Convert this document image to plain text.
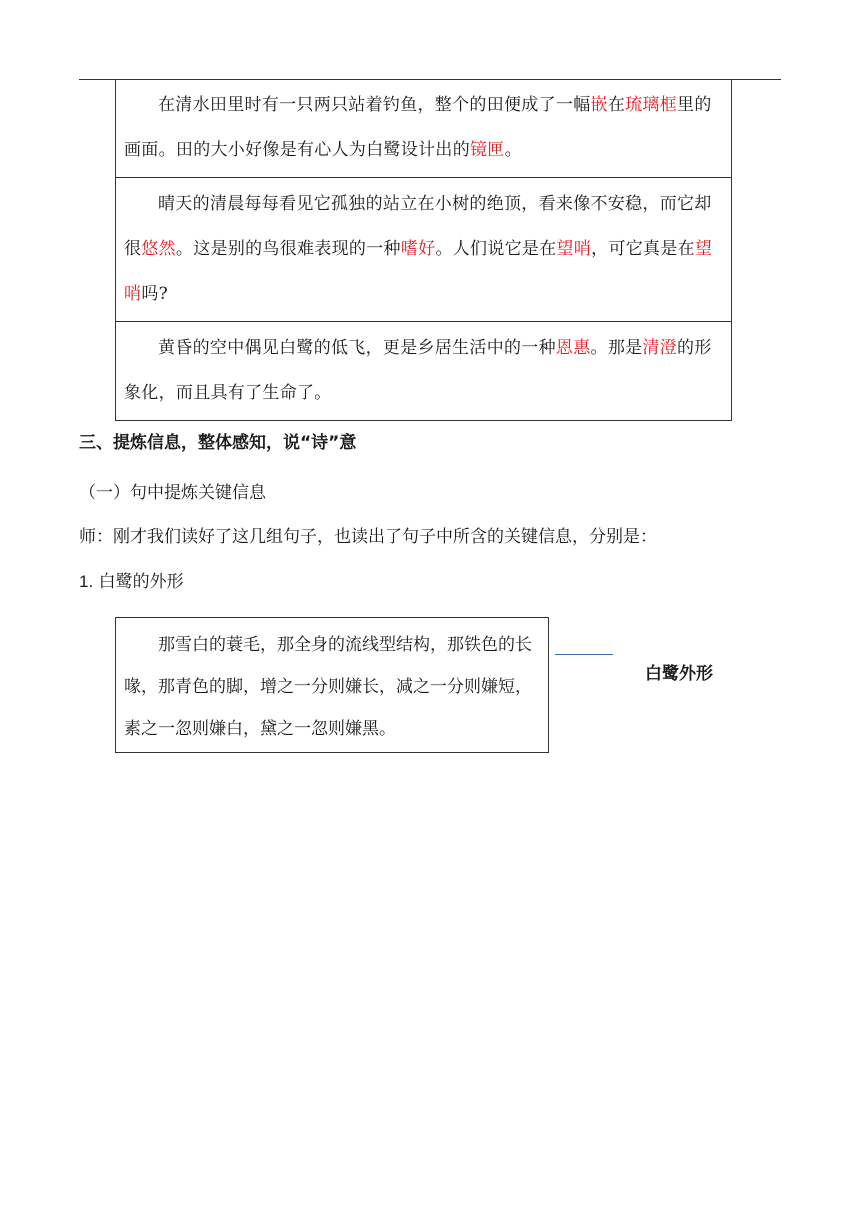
在清水田里时有一只两只站着钓鱼，整个的田便成了一幅嵌在琉璃框里的画面。田的大小好像是有心人为白鹭设计出的镜匣。
晴天的清晨每每看见它孤独的站立在小树的绝顶，看来像不安稳，而它却很悠然。这是别的鸟很难表现的一种嗜好。人们说它是在望哨，可它真是在望哨吗?
黄昏的空中偶见白鹭的低飞，更是乡居生活中的一种恩惠。那是清澄的形象化，而且具有了生命了。
三、提炼信息，整体感知，说“诗”意
（一）句中提炼关键信息
师：刚才我们读好了这几组句子，也读出了句子中所含的关键信息，分别是：
1. 白鹭的外形
那雪白的蓑毛，那全身的流线型结构，那铁色的长喙，那青色的脚，增之一分则嫌长，减之一分则嫌短，素之一忽则嫌白，黛之一忽则嫌黑。
白鹭外形
